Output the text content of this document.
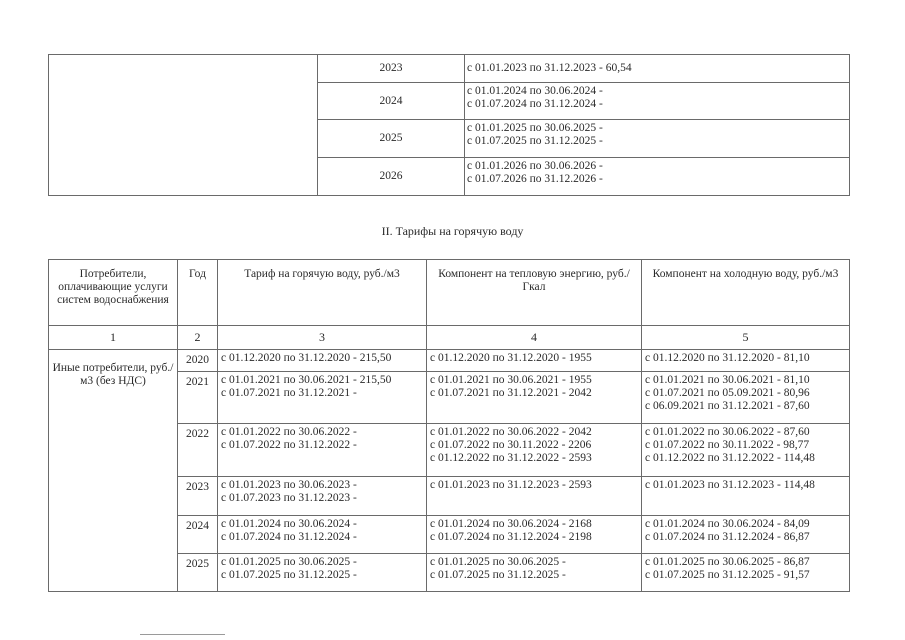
	2023	с 01.01.2023 по 31.12.2023 - 60,54

	2024	с 01.01.2024 по 30.06.2024 -
с 01.07.2024 по 31.12.2024 -

	2025	с 01.01.2025 по 30.06.2025 -
с 01.07.2025 по 31.12.2025 -

	2026	с 01.01.2026 по 30.06.2026 -
с 01.07.2026 по 31.12.2026 -
II. Тарифы на горячую воду
Потребители, оплачивающие услуги систем водоснабжения	Год	Тариф на горячую воду, руб./м3	Компонент на тепловую энергию, руб./Гкал	Компонент на холодную воду, руб./м3
1	2	3	4	5
Иные потребители, руб./м3 (без НДС)	2020	с 01.12.2020 по 31.12.2020 - 215,50	с 01.12.2020 по 31.12.2020 - 1955	с 01.12.2020 по 31.12.2020 - 81,10

	2021	с 01.01.2021 по 30.06.2021 - 215,50
с 01.07.2021 по 31.12.2021 -	с 01.01.2021 по 30.06.2021 - 1955
с 01.07.2021 по 31.12.2021 - 2042	с 01.01.2021 по 30.06.2021 - 81,10
с 01.07.2021 по 05.09.2021 - 80,96
с 06.09.2021 по 31.12.2021 - 87,60

	2022	с 01.01.2022 по 30.06.2022 -
с 01.07.2022 по 31.12.2022 -	с 01.01.2022 по 30.06.2022 - 2042
с 01.07.2022 по 30.11.2022 - 2206
с 01.12.2022 по 31.12.2022 - 2593	с 01.01.2022 по 30.06.2022 - 87,60
с 01.07.2022 по 30.11.2022 - 98,77
с 01.12.2022 по 31.12.2022 - 114,48

	2023	с 01.01.2023 по 30.06.2023 -
с 01.07.2023 по 31.12.2023 -	с 01.01.2023 по 31.12.2023 - 2593	с 01.01.2023 по 31.12.2023 - 114,48

	2024	с 01.01.2024 по 30.06.2024 -
с 01.07.2024 по 31.12.2024 -	с 01.01.2024 по 30.06.2024 - 2168
с 01.07.2024 по 31.12.2024 - 2198	с 01.01.2024 по 30.06.2024 - 84,09
с 01.07.2024 по 31.12.2024 - 86,87

	2025	с 01.01.2025 по 30.06.2025 -
с 01.07.2025 по 31.12.2025 -	с 01.01.2025 по 30.06.2025 -
с 01.07.2025 по 31.12.2025 -	с 01.01.2025 по 30.06.2025 - 86,87
с 01.07.2025 по 31.12.2025 - 91,57
